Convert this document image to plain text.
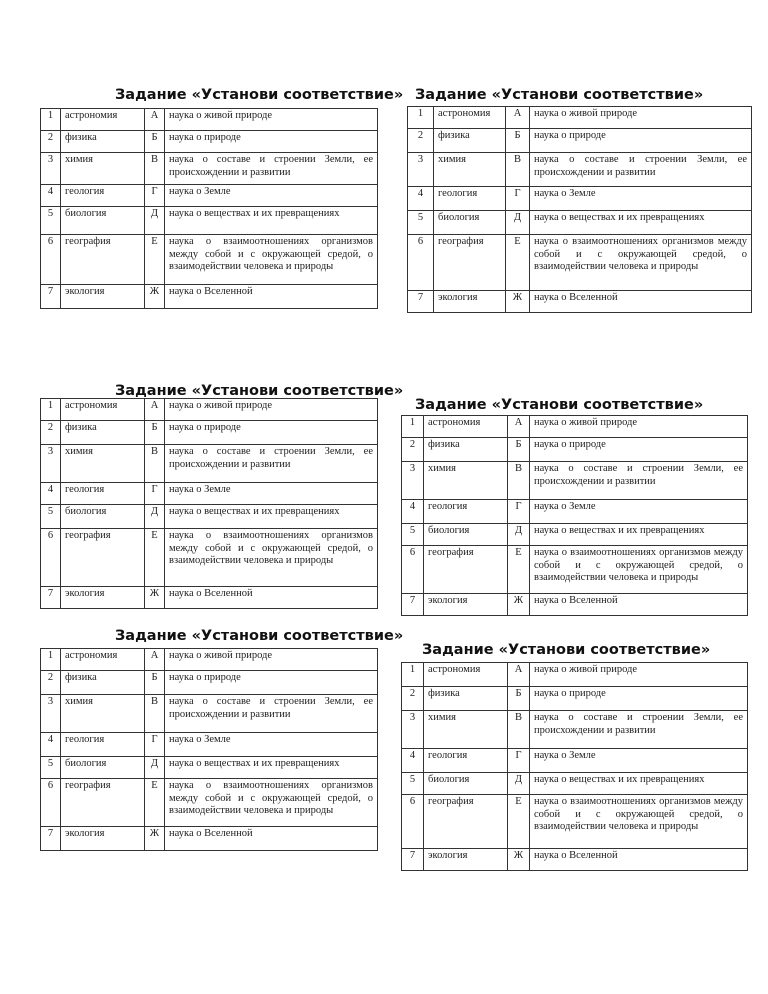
Задание «Установи соответствие»
1	астрономия	А	наука о живой природе
2	физика	Б	наука о природе
3	химия	В	наука о составе и строении Земли, ее происхождении и развитии
4	геология	Г	наука о Земле
5	биология	Д	наука о веществах и их превращениях
6	география	Е	наука о взаимоотношениях организмов между собой и с окружающей средой, о взаимодействии человека и природы
7	экология	Ж	наука о Вселенной
Задание «Установи соответствие»
1	астрономия	А	наука о живой природе
2	физика	Б	наука о природе
3	химия	В	наука о составе и строении Земли, ее происхождении и развитии
4	геология	Г	наука о Земле
5	биология	Д	наука о веществах и их превращениях
6	география	Е	наука о взаимоотношениях организмов между собой и с окружающей средой, о взаимодействии человека и природы
7	экология	Ж	наука о Вселенной
Задание «Установи соответствие»
1	астрономия	А	наука о живой природе
2	физика	Б	наука о природе
3	химия	В	наука о составе и строении Земли, ее происхождении и развитии
4	геология	Г	наука о Земле
5	биология	Д	наука о веществах и их превращениях
6	география	Е	наука о взаимоотношениях организмов между собой и с окружающей средой, о взаимодействии человека и природы
7	экология	Ж	наука о Вселенной
Задание «Установи соответствие»
1	астрономия	А	наука о живой природе
2	физика	Б	наука о природе
3	химия	В	наука о составе и строении Земли, ее происхождении и развитии
4	геология	Г	наука о Земле
5	биология	Д	наука о веществах и их превращениях
6	география	Е	наука о взаимоотношениях организмов между собой и с окружающей средой, о взаимодействии человека и природы
7	экология	Ж	наука о Вселенной
Задание «Установи соответствие»
1	астрономия	А	наука о живой природе
2	физика	Б	наука о природе
3	химия	В	наука о составе и строении Земли, ее происхождении и развитии
4	геология	Г	наука о Земле
5	биология	Д	наука о веществах и их превращениях
6	география	Е	наука о взаимоотношениях организмов между собой и с окружающей средой, о взаимодействии человека и природы
7	экология	Ж	наука о Вселенной
Задание «Установи соответствие»
1	астрономия	А	наука о живой природе
2	физика	Б	наука о природе
3	химия	В	наука о составе и строении Земли, ее происхождении и развитии
4	геология	Г	наука о Земле
5	биология	Д	наука о веществах и их превращениях
6	география	Е	наука о взаимоотношениях организмов между собой и с окружающей средой, о взаимодействии человека и природы
7	экология	Ж	наука о Вселенной
